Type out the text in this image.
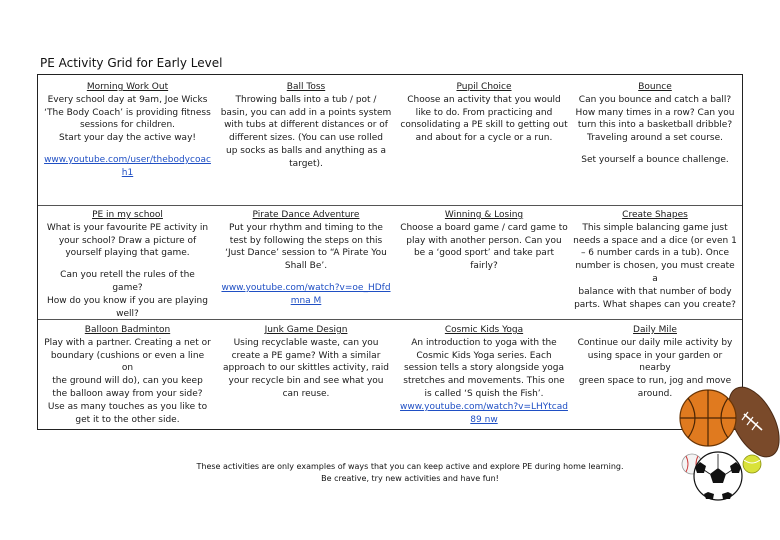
PE Activity Grid for Early Level
Morning Work Out

Every school day at 9am, Joe Wicks

‘The Body Coach’ is providing fitness

sessions for children.

Start your day the active way!

www.youtube.com/user/thebodycoach1
Ball Toss

Throwing balls into a tub / pot /

basin, you can add in a points system

with tubs at different distances or of

different sizes. (You can use rolled

up socks as balls and anything as a

target).

Pupil Choice

Choose an activity that you would

like to do. From practicing and

consolidating a PE skill to getting out

and about for a cycle or a run.

Bounce

Can you bounce and catch a ball?

How many times in a row? Can you

turn this into a basketball dribble?

Traveling around a set course.

Set yourself a bounce challenge.

PE in my school

What is your favourite PE activity in

your school? Draw a picture of

yourself playing that game.

Can you retell the rules of the game?

How do you know if you are playing

well?

Pirate Dance Adventure

Put your rhythm and timing to the

test by following the steps on this

‘Just Dance’ session to “A Pirate You

Shall Be’.

www.youtube.com/watch?v=oe_HDfdmna M
Winning & Losing

Choose a board game / card game to

play with another person. Can you

be a ‘good sport’ and take part

fairly?

Create Shapes

This simple balancing game just

needs a space and a dice (or even 1

– 6 number cards in a tub). Once

number is chosen, you must create a

balance with that number of body

parts. What shapes can you create?

Balloon Badminton

Play with a partner. Creating a net or

boundary (cushions or even a line on

the ground will do), can you keep

the balloon away from your side?

Use as many touches as you like to

get it to the other side.

Junk Game Design

Using recyclable waste, can you

create a PE game? With a similar

approach to our skittles activity, raid

your recycle bin and see what you

can reuse.

Cosmic Kids Yoga

An introduction to yoga with the

Cosmic Kids Yoga series. Each

session tells a story alongside yoga

stretches and movements. This one

is called ‘S quish the Fish’.

www.youtube.com/watch?v=LHYtcad89 nw
Daily Mile

Continue our daily mile activity by

using space in your garden or nearby

green space to run, jog and move

around.

These activities are only examples of ways that you can keep active and explore PE during home learning.
Be creative, try new activities and have fun!
